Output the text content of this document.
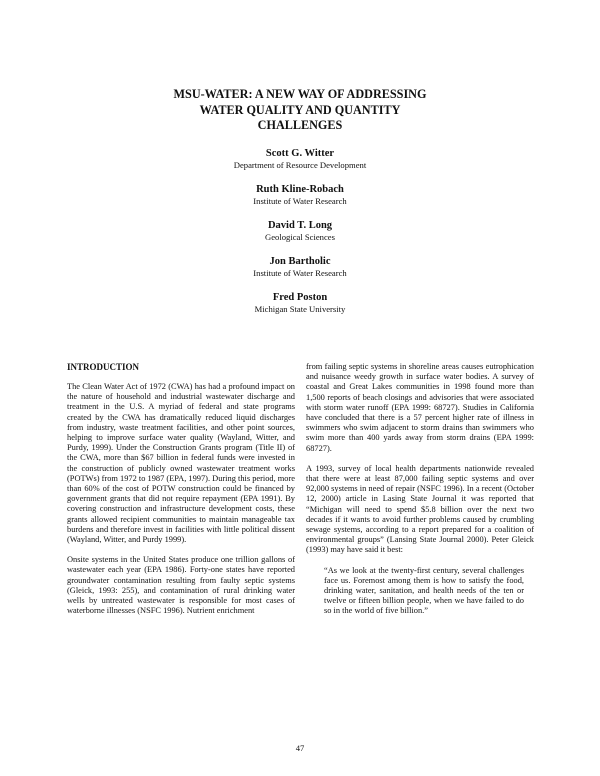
MSU-WATER: A NEW WAY OF ADDRESSING
WATER QUALITY AND QUANTITY
CHALLENGES
Scott G. Witter
Department of Resource Development
Ruth Kline-Robach
Institute of Water Research
David T. Long
Geological Sciences
Jon Bartholic
Institute of Water Research
Fred Poston
Michigan State University
INTRODUCTION

The Clean Water Act of 1972 (CWA) has had a profound impact on the nature of household and industrial wastewater discharge and treatment in the U.S. A myriad of federal and state programs created by the CWA has dramatically reduced liquid discharges from industry, waste treatment facilities, and other point sources, helping to improve surface water quality (Wayland, Witter, and Purdy, 1999). Under the Construction Grants program (Title II) of the CWA, more than $67 billion in federal funds were invested in the construction of publicly owned wastewater treatment works (POTWs) from 1972 to 1987 (EPA, 1997). During this period, more than 60% of the cost of POTW construction could be financed by government grants that did not require repayment (EPA 1991). By covering construction and infrastructure development costs, these grants allowed recipient communities to maintain manageable tax burdens and therefore invest in facilities with little political dissent (Wayland, Witter, and Purdy 1999).

Onsite systems in the United States produce one trillion gallons of wastewater each year (EPA 1986). Forty-one states have reported groundwater contamination resulting from faulty septic systems (Gleick, 1993: 255), and contamination of rural drinking water wells by untreated wastewater is responsible for most cases of waterborne illnesses (NSFC 1996). Nutrient enrichment

from failing septic systems in shoreline areas causes eutrophication and nuisance weedy growth in surface water bodies. A survey of coastal and Great Lakes communities in 1998 found more than 1,500 reports of beach closings and advisories that were associated with storm water runoff (EPA 1999: 68727). Studies in California have concluded that there is a 57 percent higher rate of illness in swimmers who swim adjacent to storm drains than swimmers who swim more than 400 yards away from storm drains (EPA 1999: 68727).

A 1993, survey of local health departments nationwide revealed that there were at least 87,000 failing septic systems and over 92,000 systems in need of repair (NSFC 1996). In a recent (October 12, 2000) article in Lasing State Journal it was reported that “Michigan will need to spend $5.8 billion over the next two decades if it wants to avoid further problems caused by crumbling sewage systems, according to a report prepared for a coalition of environmental groups” (Lansing State Journal 2000). Peter Gleick (1993) may have said it best:

“As we look at the twenty-first century, several challenges face us. Foremost among them is how to satisfy the food, drinking water, sanitation, and health needs of the ten or twelve or fifteen billion people, when we have failed to do so in the world of five billion.”

47
